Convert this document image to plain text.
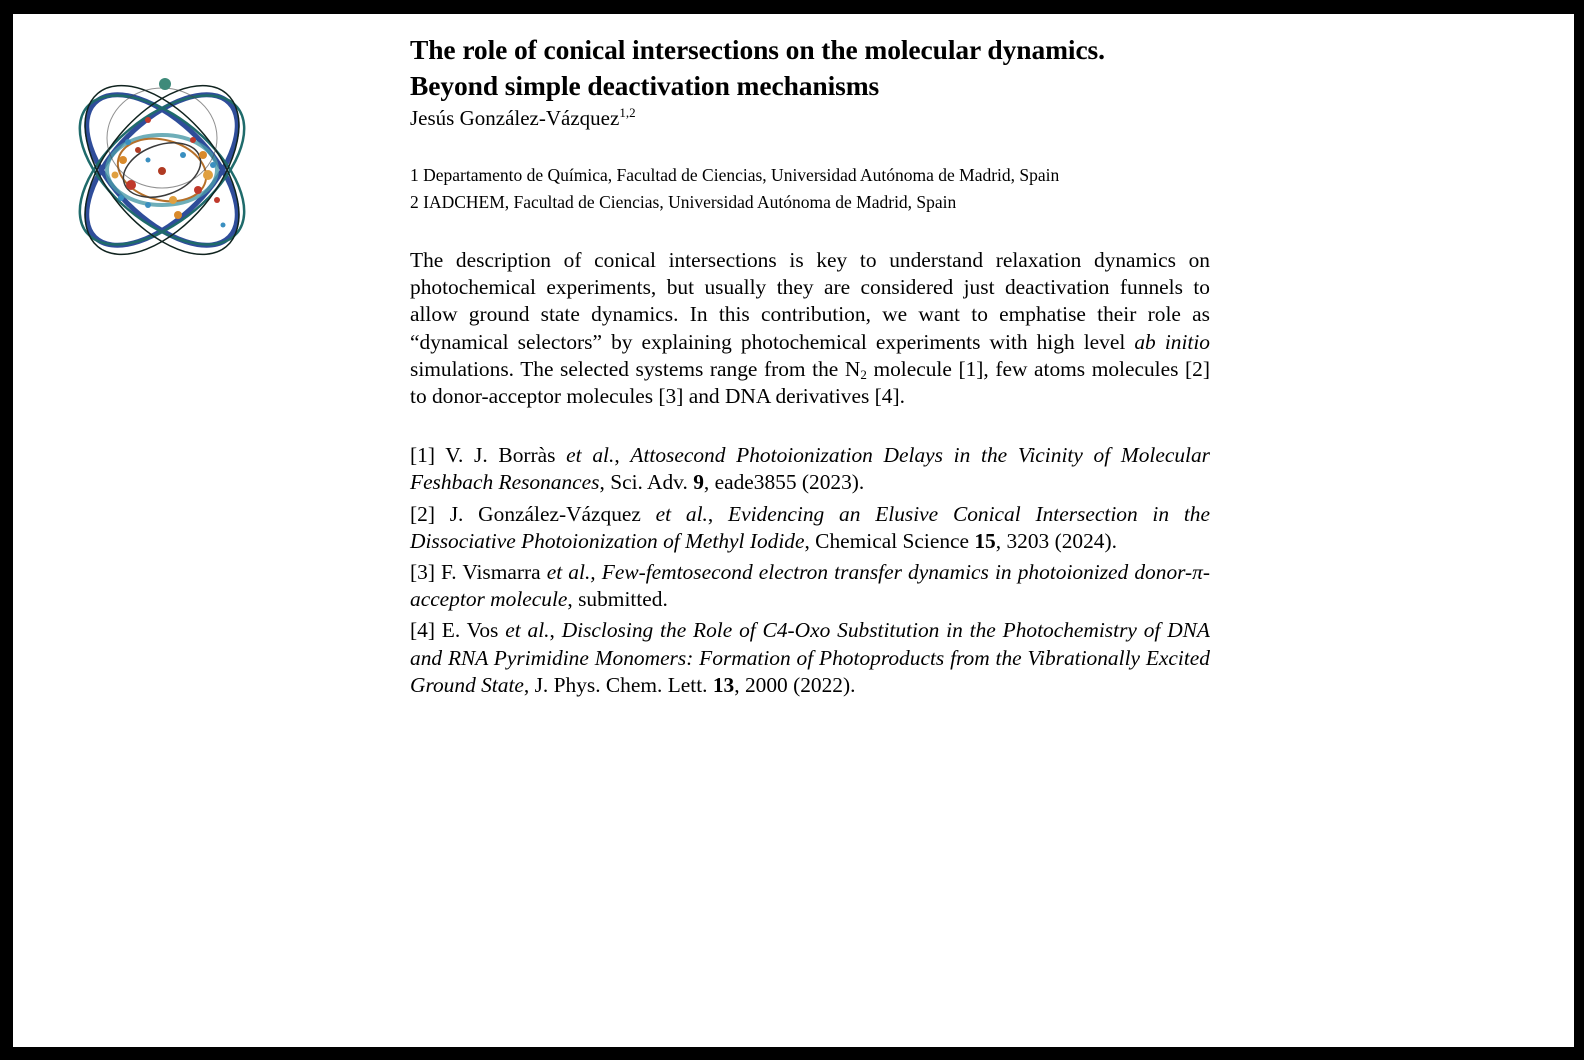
The role of conical intersections on the molecular dynamics.
Beyond simple deactivation mechanisms

Jesús González-Vázquez$^{1,2}$

1 Departamento de Química, Facultad de Ciencias, Universidad Autónoma de Madrid, Spain
2 IADCHEM, Facultad de Ciencias, Universidad Autónoma de Madrid, Spain
The description of conical intersections is key to understand relaxation dynamics on photochemical experiments, but usually they are considered just deactivation funnels to allow ground state dynamics. In this contribution, we want to emphatise their role as “dynamical selectors” by explaining photochemical experiments with high level ab initio simulations. The selected systems range from the $N_2$ molecule [1], few atoms molecules [2] to donor-acceptor molecules [3] and DNA derivatives [4].
[1] V. J. Borràs et al., Attosecond Photoionization Delays in the Vicinity of Molecular Feshbach Resonances, Sci. Adv. 9, eade3855 (2023).
[2] J. González-Vázquez et al., Evidencing an Elusive Conical Intersection in the Dissociative Photoionization of Methyl Iodide, Chemical Science 15, 3203 (2024).
[3] F. Vismarra et al., Few-femtosecond electron transfer dynamics in photoionized donor-π-acceptor molecule, submitted.
[4] E. Vos et al., Disclosing the Role of C4-Oxo Substitution in the Photochemistry of DNA and RNA Pyrimidine Monomers: Formation of Photoproducts from the Vibrationally Excited Ground State, J. Phys. Chem. Lett. 13, 2000 (2022).
